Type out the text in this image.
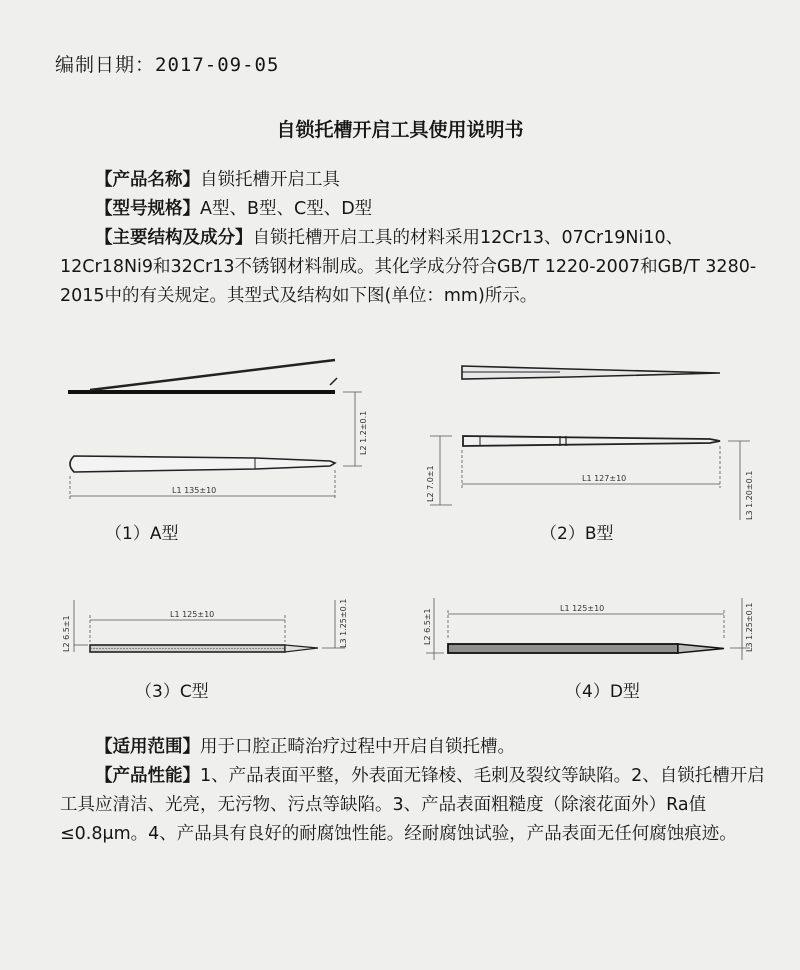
编制日期：2017-09-05
自锁托槽开启工具使用说明书

【产品名称】自锁托槽开启工具

【型号规格】A型、B型、C型、D型

【主要结构及成分】自锁托槽开启工具的材料采用12Cr13、07Cr19Ni10、12Cr18Ni9和32Cr13不锈钢材料制成。其化学成分符合GB/T 1220-2007和GB/T 3280-2015中的有关规定。其型式及结构如下图(单位：mm)所示。

L1 135±10
L2 1.2±0.1
L1 127±10
L2 7.0±1	L3 1.20±0.1
L1 125±10
L2 6.5±1	L3 1.25±0.1	L1 125±10
L2 6.5±1	L3 1.25±0.1
（1）A型	（2）B型
（3）C型	（4）D型

【适用范围】用于口腔正畸治疗过程中开启自锁托槽。

【产品性能】1、产品表面平整，外表面无锋棱、毛刺及裂纹等缺陷。2、自锁托槽开启工具应清洁、光亮，无污物、污点等缺陷。3、产品表面粗糙度（除滚花面外）Ra值≤0.8μm。4、产品具有良好的耐腐蚀性能。经耐腐蚀试验，产品表面无任何腐蚀痕迹。
